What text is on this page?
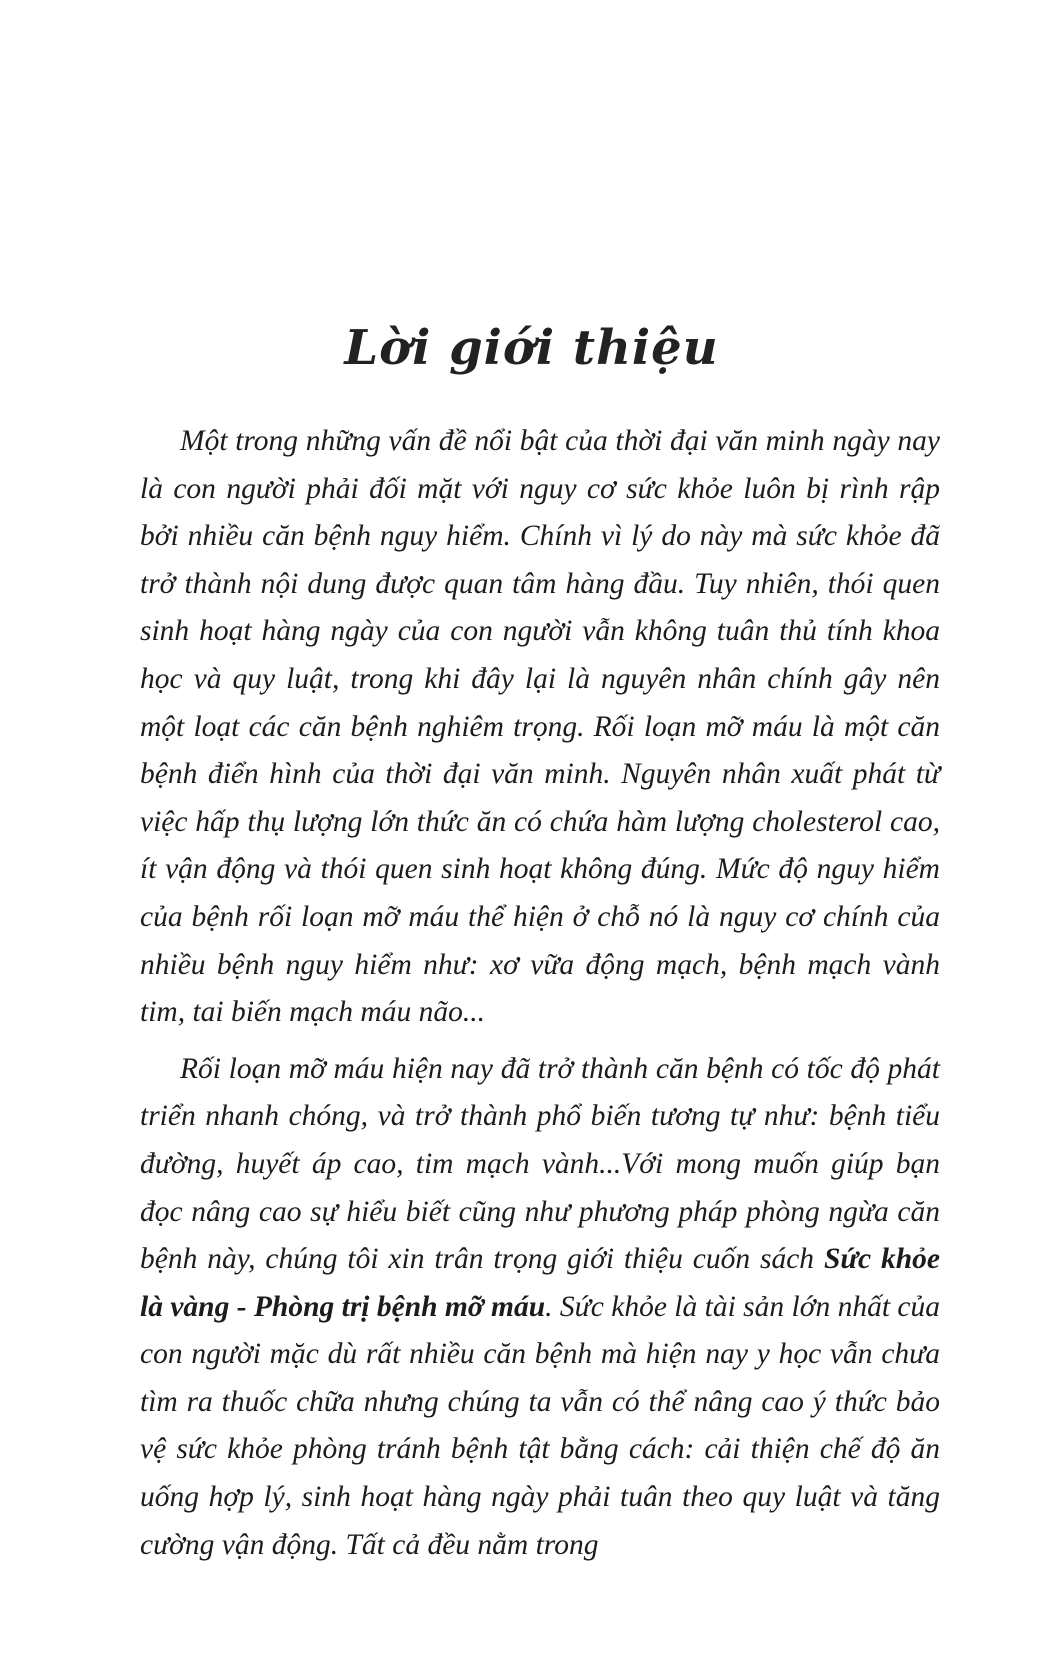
Lời giới thiệu

Một trong những vấn đề nổi bật của thời đại văn minh ngày nay là con người phải đối mặt với nguy cơ sức khỏe luôn bị rình rập bởi nhiều căn bệnh nguy hiểm. Chính vì lý do này mà sức khỏe đã trở thành nội dung được quan tâm hàng đầu. Tuy nhiên, thói quen sinh hoạt hàng ngày của con người vẫn không tuân thủ tính khoa học và quy luật, trong khi đây lại là nguyên nhân chính gây nên một loạt các căn bệnh nghiêm trọng. Rối loạn mỡ máu là một căn bệnh điển hình của thời đại văn minh. Nguyên nhân xuất phát từ việc hấp thụ lượng lớn thức ăn có chứa hàm lượng cholesterol cao, ít vận động và thói quen sinh hoạt không đúng. Mức độ nguy hiểm của bệnh rối loạn mỡ máu thể hiện ở chỗ nó là nguy cơ chính của nhiều bệnh nguy hiểm như: xơ vữa động mạch, bệnh mạch vành tim, tai biến mạch máu não...

Rối loạn mỡ máu hiện nay đã trở thành căn bệnh có tốc độ phát triển nhanh chóng, và trở thành phổ biến tương tự như: bệnh tiểu đường, huyết áp cao, tim mạch vành...Với mong muốn giúp bạn đọc nâng cao sự hiểu biết cũng như phương pháp phòng ngừa căn bệnh này, chúng tôi xin trân trọng giới thiệu cuốn sách Sức khỏe là vàng - Phòng trị bệnh mỡ máu. Sức khỏe là tài sản lớn nhất của con người mặc dù rất nhiều căn bệnh mà hiện nay y học vẫn chưa tìm ra thuốc chữa nhưng chúng ta vẫn có thể nâng cao ý thức bảo vệ sức khỏe phòng tránh bệnh tật bằng cách: cải thiện chế độ ăn uống hợp lý, sinh hoạt hàng ngày phải tuân theo quy luật và tăng cường vận động. Tất cả đều nằm trong
